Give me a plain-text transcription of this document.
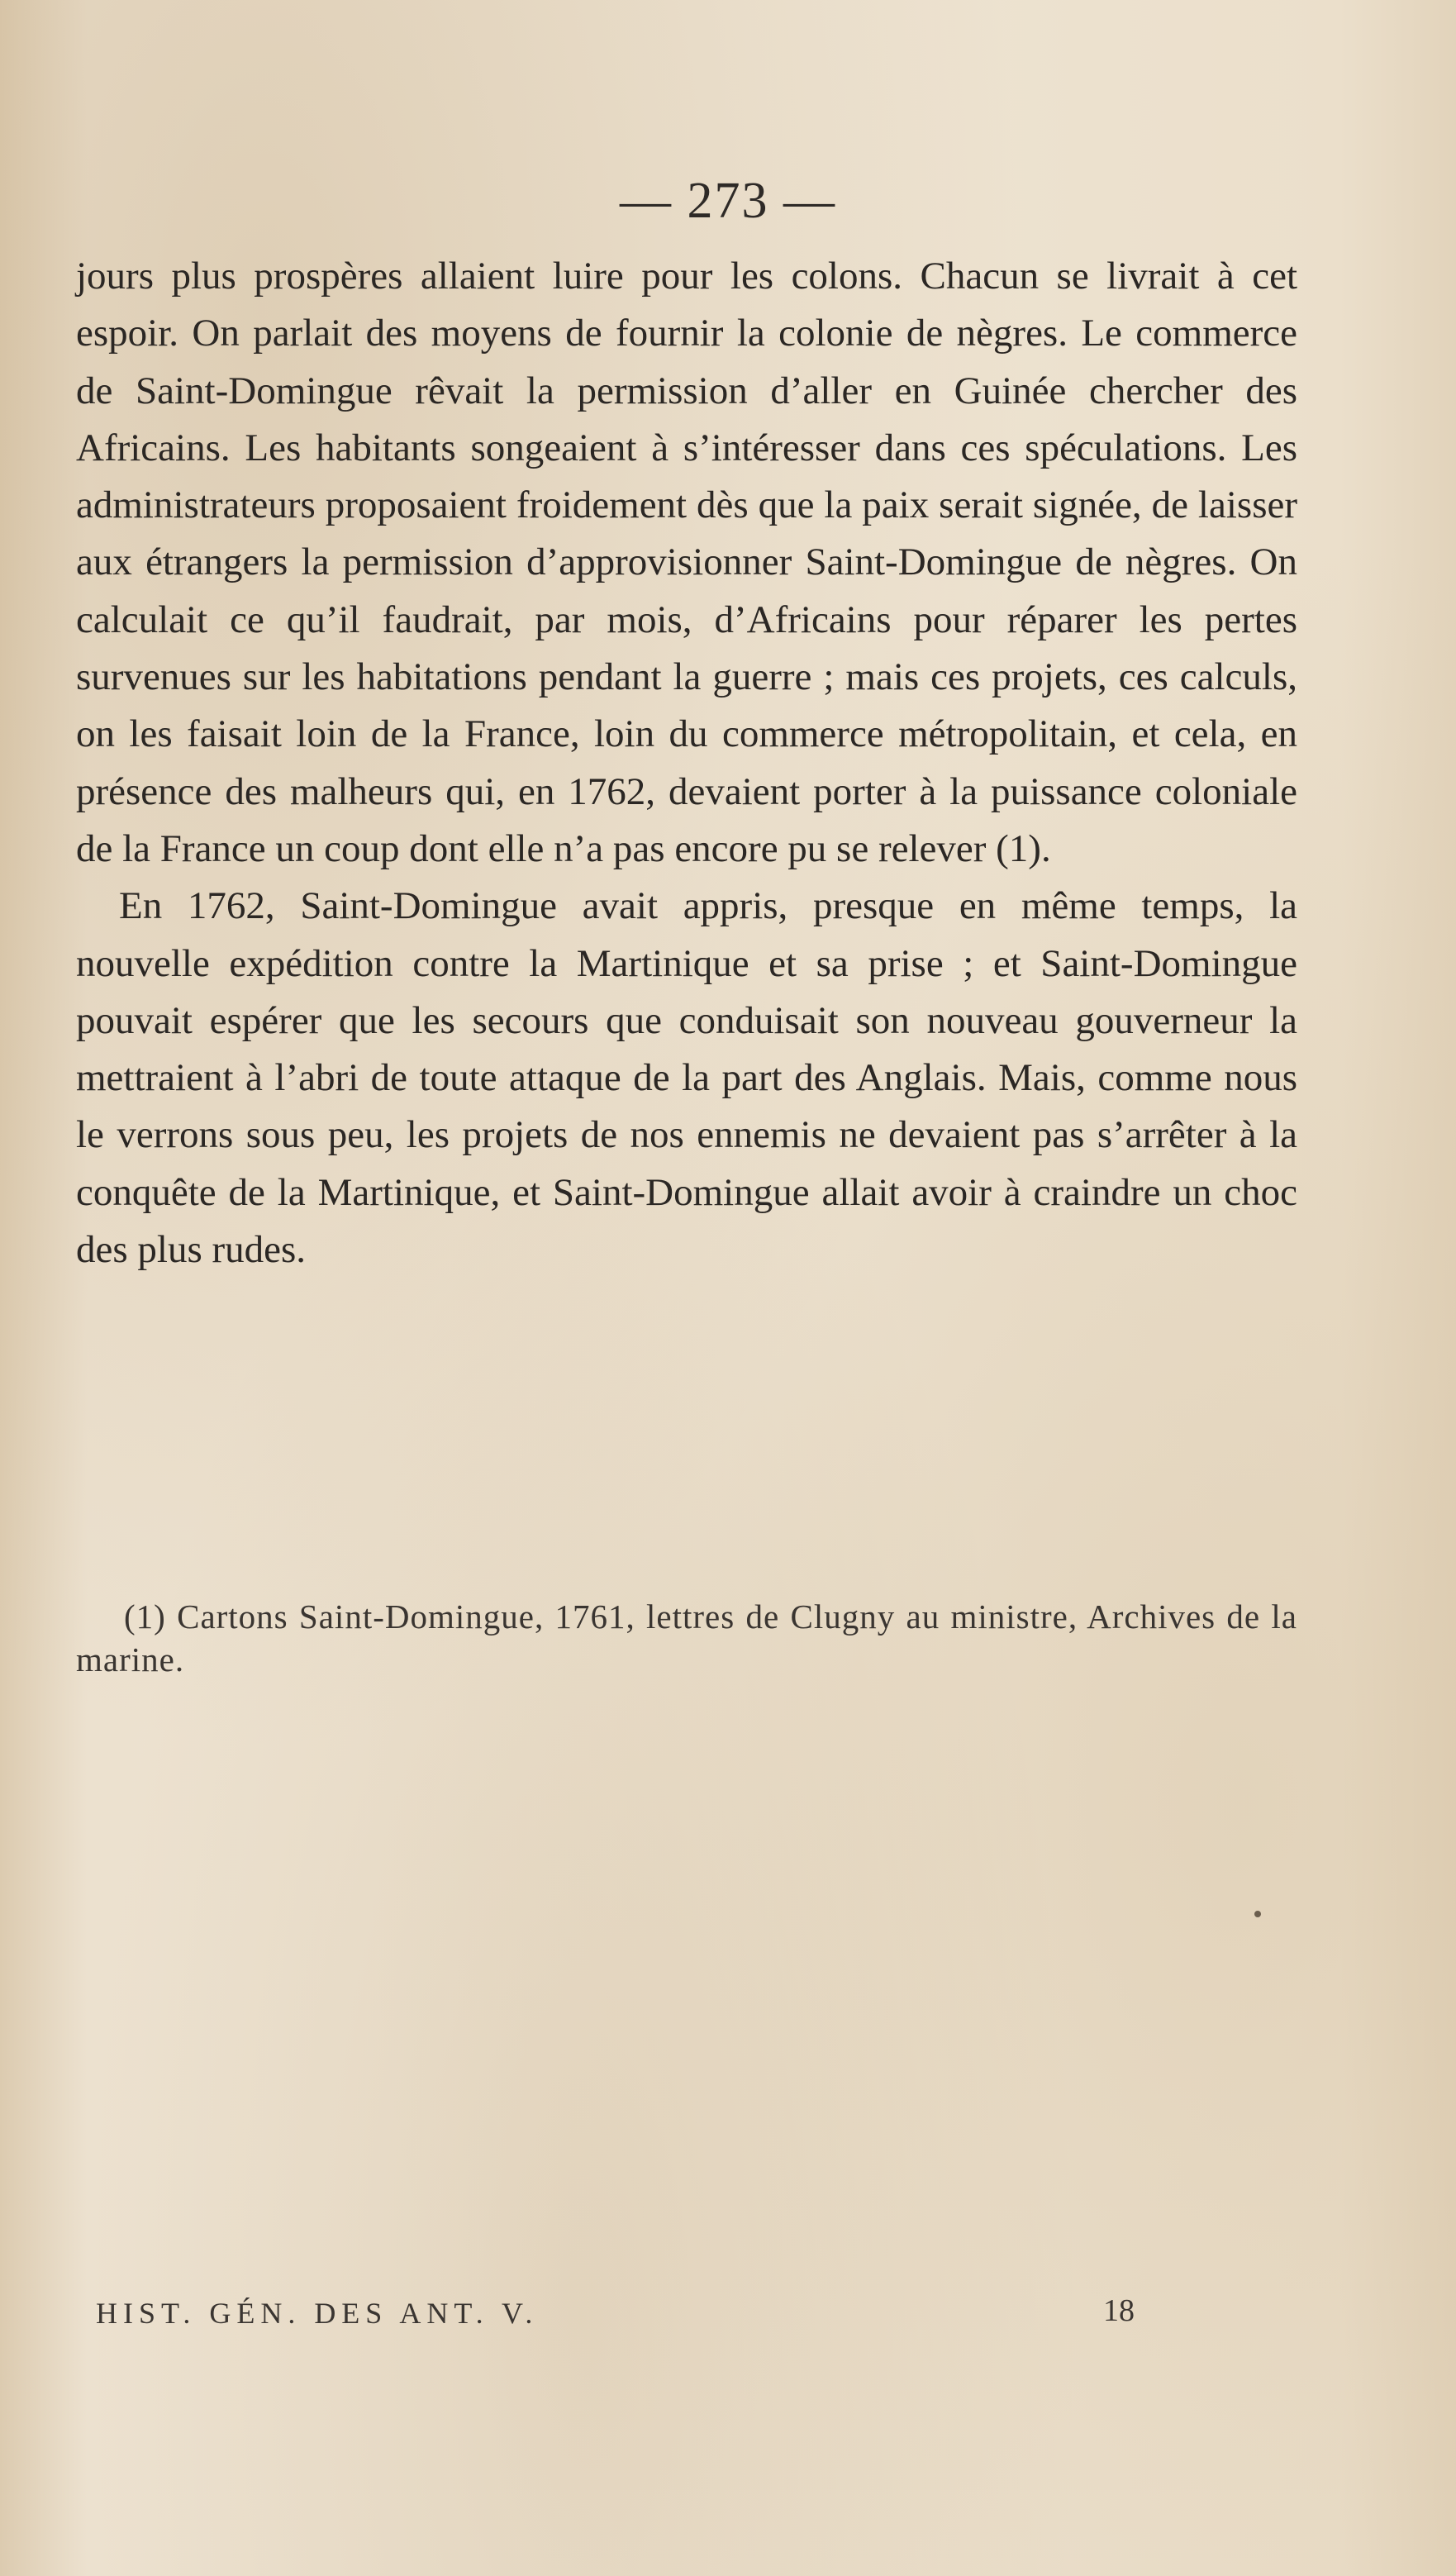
— 273 —

jours plus prospères allaient luire pour les colons. Chacun se livrait à cet espoir. On parlait des moyens de fournir la colonie de nègres. Le commerce de Saint-Domingue rêvait la permission d’aller en Guinée chercher des Africains. Les habitants songeaient à s’intéresser dans ces spéculations. Les administrateurs proposaient froidement dès que la paix serait signée, de laisser aux étrangers la permission d’approvisionner Saint-Domingue de nègres. On calculait ce qu’il faudrait, par mois, d’Africains pour réparer les pertes survenues sur les habitations pendant la guerre ; mais ces projets, ces calculs, on les faisait loin de la France, loin du commerce métropolitain, et cela, en présence des malheurs qui, en 1762, devaient porter à la puissance coloniale de la France un coup dont elle n’a pas encore pu se relever (1).

En 1762, Saint-Domingue avait appris, presque en même temps, la nouvelle expédition contre la Martinique et sa prise ; et Saint-Domingue pouvait espérer que les secours que conduisait son nouveau gouverneur la mettraient à l’abri de toute attaque de la part des Anglais. Mais, comme nous le verrons sous peu, les projets de nos ennemis ne devaient pas s’arrêter à la conquête de la Martinique, et Saint-Domingue allait avoir à craindre un choc des plus rudes.

(1) Cartons Saint-Domingue, 1761, lettres de Clugny au ministre, Archives de la marine.

HIST. GÉN. DES ANT. V.	18
